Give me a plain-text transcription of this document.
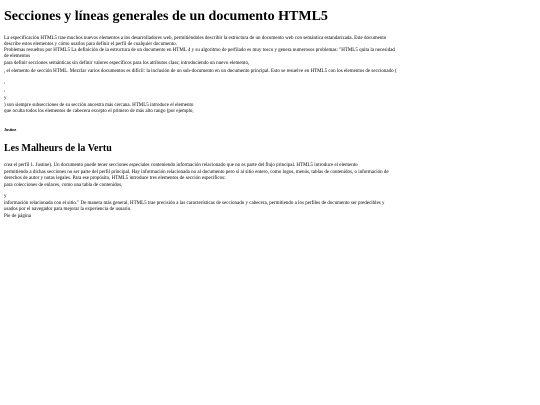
Secciones y líneas generales de un documento HTML5
La especificación HTML5 trae muchos nuevos elementos a los desarrolladores web, permitiéndoles describir la estructura de un documento web con semántica estandarizada. Este documento
describe estos elementos y cómo usarlos para definir el perfil de cualquier documento.
Problemas resueltos por HTML5 La definición de la estructura de un documento en HTML 4 y su algoritmo de perfilado es muy tosco y genera numerosos problemas: "HTML5 quita la necesidad
de elementos
para definir secciones semánticas sin definir valores específicos para los atributos class; introduciendo un nuevo elemento,
, el elemento de sección HTML. Mezclar varios documentos es difícil: la inclusión de un sub-documento en un documento principal. Esto se resuelve en HTML5 con los elementos de seccionado (
,
,
y
) son siempre subsecciones de su sección ancestra más cercana. HTML5 introduce el elemento
que oculta todos los elementos de cabecera excepto el primero de más alto rango (por ejemplo,
Justine
Les Malheurs de la Vertu
crea el perfil 1. Justine). Un documento puede tener secciones especiales conteniendo información relacionado que no es parte del flujo principal. HTML5 introduce el elemento
permitiendo a dichas secciones no ser parte del perfil principal. Hay información relacionada no al documento pero si al sitio entero, como logos, menús, tablas de contenidos, o información de
derechos de autor y notas legales. Para ese propósito, HTML5 introduce tres elementos de sección específicos:
para colecciones de enlaces, como una tabla de contenidos,
y
información relacionada con el sitio." De manera más general, HTML5 trae precisión a las características de seccionado y cabecera, permitiendo a los perfiles de documento ser predecibles y
usados por el navegador para mejorar la experiencia de usuario.
Pie de página
